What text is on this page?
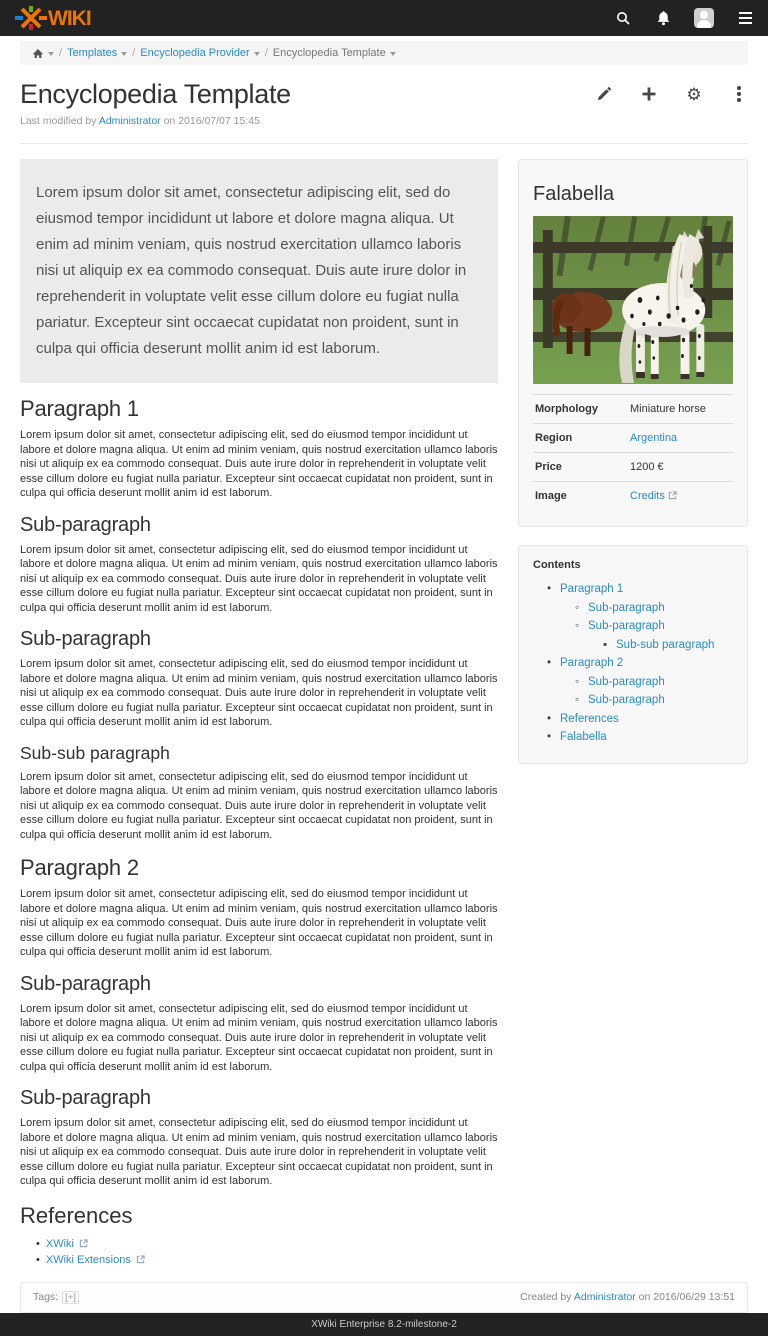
WIKI
/ Templates / Encyclopedia Provider / Encyclopedia Template
Encyclopedia Template	⚙
Last modified by Administrator on 2016/07/07 15:45
Lorem ipsum dolor sit amet, consectetur adipiscing elit, sed do eiusmod tempor incididunt ut labore et dolore magna aliqua. Ut enim ad minim veniam, quis nostrud exercitation ullamco laboris nisi ut aliquip ex ea commodo consequat. Duis aute irure dolor in reprehenderit in voluptate velit esse cillum dolore eu fugiat nulla pariatur. Excepteur sint occaecat cupidatat non proident, sunt in culpa qui officia deserunt mollit anim id est laborum.
Paragraph 1

Lorem ipsum dolor sit amet, consectetur adipiscing elit, sed do eiusmod tempor incididunt ut labore et dolore magna aliqua. Ut enim ad minim veniam, quis nostrud exercitation ullamco laboris nisi ut aliquip ex ea commodo consequat. Duis aute irure dolor in reprehenderit in voluptate velit esse cillum dolore eu fugiat nulla pariatur. Excepteur sint occaecat cupidatat non proident, sunt in culpa qui officia deserunt mollit anim id est laborum.

Sub-paragraph

Lorem ipsum dolor sit amet, consectetur adipiscing elit, sed do eiusmod tempor incididunt ut labore et dolore magna aliqua. Ut enim ad minim veniam, quis nostrud exercitation ullamco laboris nisi ut aliquip ex ea commodo consequat. Duis aute irure dolor in reprehenderit in voluptate velit esse cillum dolore eu fugiat nulla pariatur. Excepteur sint occaecat cupidatat non proident, sunt in culpa qui officia deserunt mollit anim id est laborum.

Sub-paragraph

Lorem ipsum dolor sit amet, consectetur adipiscing elit, sed do eiusmod tempor incididunt ut labore et dolore magna aliqua. Ut enim ad minim veniam, quis nostrud exercitation ullamco laboris nisi ut aliquip ex ea commodo consequat. Duis aute irure dolor in reprehenderit in voluptate velit esse cillum dolore eu fugiat nulla pariatur. Excepteur sint occaecat cupidatat non proident, sunt in culpa qui officia deserunt mollit anim id est laborum.

Sub-sub paragraph

Lorem ipsum dolor sit amet, consectetur adipiscing elit, sed do eiusmod tempor incididunt ut labore et dolore magna aliqua. Ut enim ad minim veniam, quis nostrud exercitation ullamco laboris nisi ut aliquip ex ea commodo consequat. Duis aute irure dolor in reprehenderit in voluptate velit esse cillum dolore eu fugiat nulla pariatur. Excepteur sint occaecat cupidatat non proident, sunt in culpa qui officia deserunt mollit anim id est laborum.

Paragraph 2

Lorem ipsum dolor sit amet, consectetur adipiscing elit, sed do eiusmod tempor incididunt ut labore et dolore magna aliqua. Ut enim ad minim veniam, quis nostrud exercitation ullamco laboris nisi ut aliquip ex ea commodo consequat. Duis aute irure dolor in reprehenderit in voluptate velit esse cillum dolore eu fugiat nulla pariatur. Excepteur sint occaecat cupidatat non proident, sunt in culpa qui officia deserunt mollit anim id est laborum.

Sub-paragraph

Lorem ipsum dolor sit amet, consectetur adipiscing elit, sed do eiusmod tempor incididunt ut labore et dolore magna aliqua. Ut enim ad minim veniam, quis nostrud exercitation ullamco laboris nisi ut aliquip ex ea commodo consequat. Duis aute irure dolor in reprehenderit in voluptate velit esse cillum dolore eu fugiat nulla pariatur. Excepteur sint occaecat cupidatat non proident, sunt in culpa qui officia deserunt mollit anim id est laborum.

Sub-paragraph

Lorem ipsum dolor sit amet, consectetur adipiscing elit, sed do eiusmod tempor incididunt ut labore et dolore magna aliqua. Ut enim ad minim veniam, quis nostrud exercitation ullamco laboris nisi ut aliquip ex ea commodo consequat. Duis aute irure dolor in reprehenderit in voluptate velit esse cillum dolore eu fugiat nulla pariatur. Excepteur sint occaecat cupidatat non proident, sunt in culpa qui officia deserunt mollit anim id est laborum.

References
• XWiki
• XWiki Extensions
Falabella
Morphology	Miniature horse
Region	Argentina
Price	1200 €
Image	Credits
Contents
• Paragraph 1
◦ Sub-paragraph
◦ Sub-paragraph
▪ Sub-sub paragraph
• Paragraph 2
◦ Sub-paragraph
◦ Sub-paragraph
• References
• Falabella
Tags: [+]	Created by Administrator on 2016/06/29 13:51
XWiki Enterprise 8.2-milestone-2
